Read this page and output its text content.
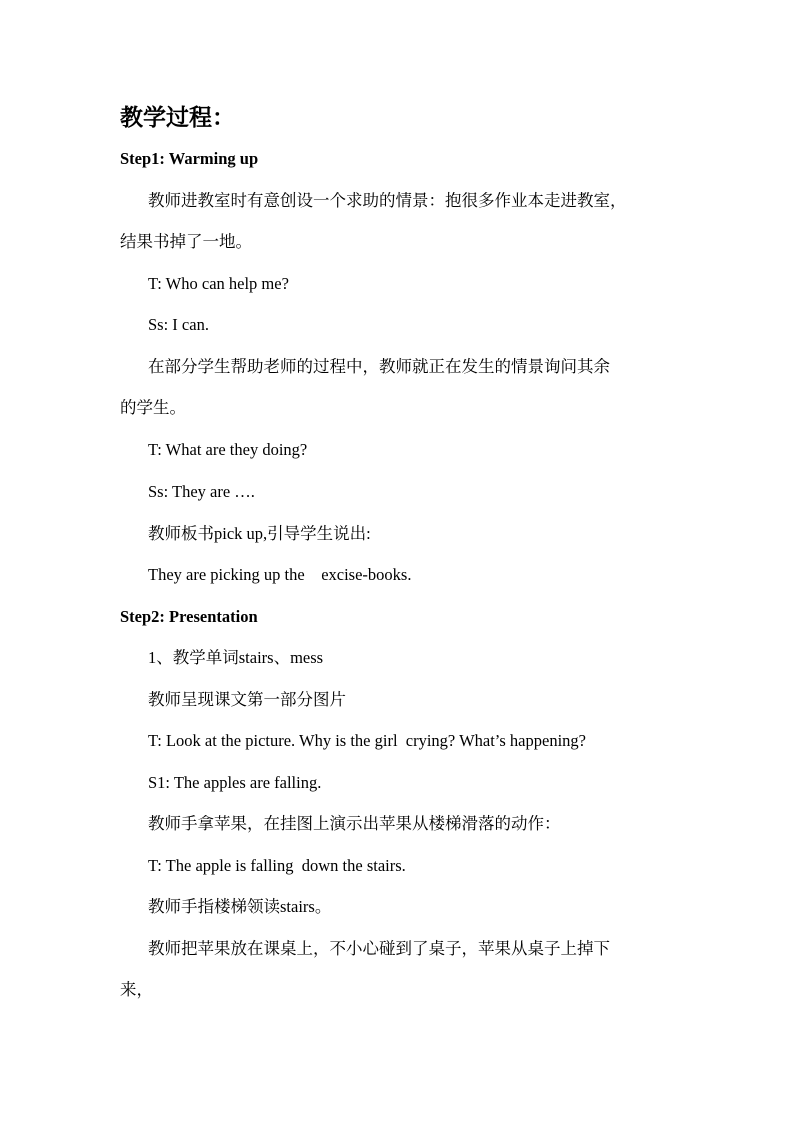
教学过程：
Step1: Warming up
教师进教室时有意创设一个求助的情景：抱很多作业本走进教室，
结果书掉了一地。
T: Who can help me?
Ss: I can.
在部分学生帮助老师的过程中，教师就正在发生的情景询问其余
的学生。
T: What are they doing?
Ss: They are ….
教师板书pick up,引导学生说出:
They are picking up the    excise-books.
Step2: Presentation
1、教学单词stairs、mess
教师呈现课文第一部分图片
T: Look at the picture. Why is the girl  crying? What’s happening?
S1: The apples are falling.
教师手拿苹果，在挂图上演示出苹果从楼梯滑落的动作：
T: The apple is falling  down the stairs.
教师手指楼梯领读stairs。
教师把苹果放在课桌上，不小心碰到了桌子，苹果从桌子上掉下
来，
